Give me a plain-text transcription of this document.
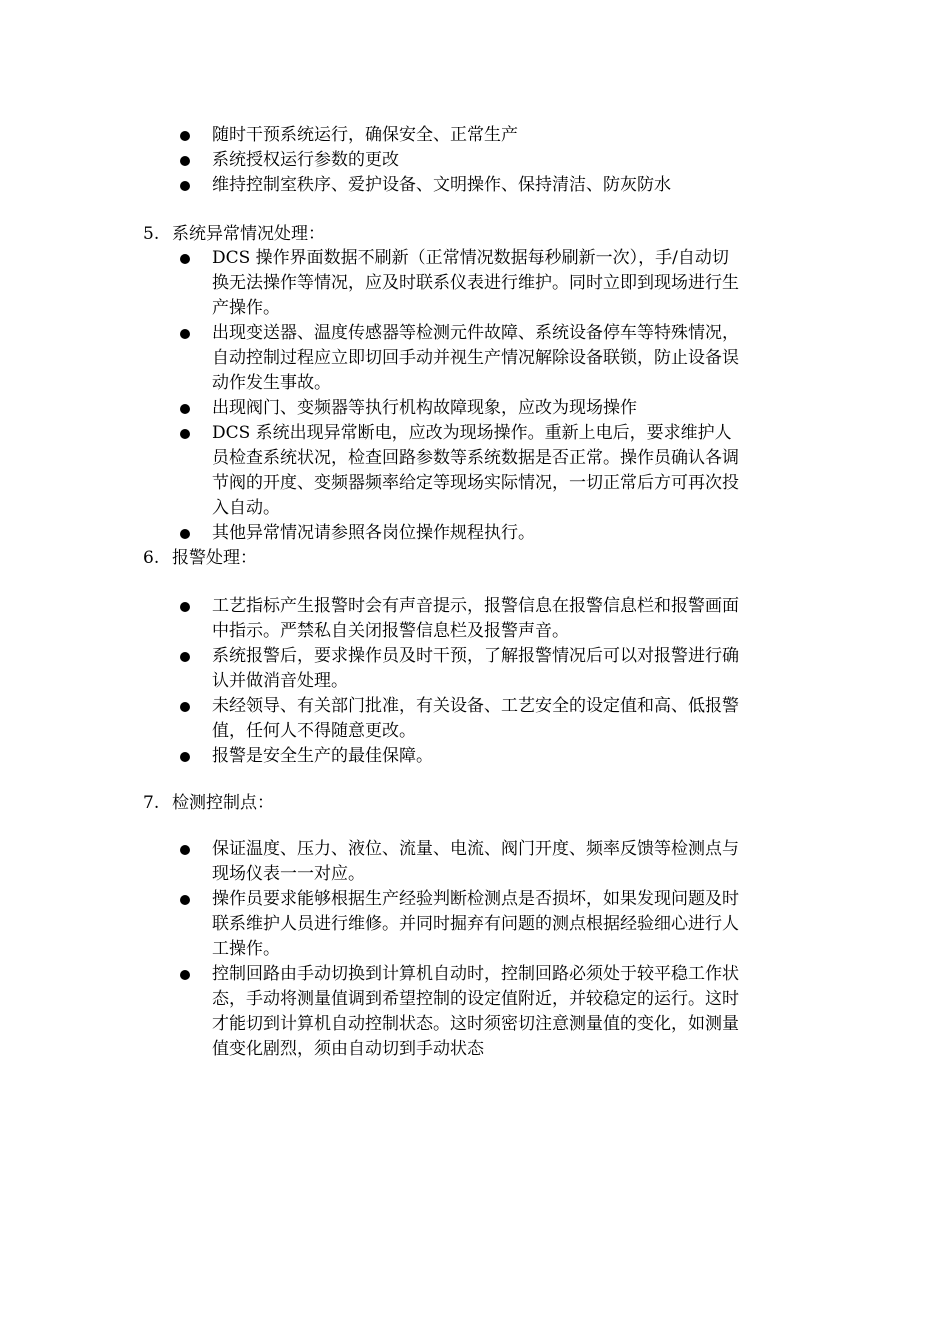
随时干预系统运行，确保安全、正常生产
系统授权运行参数的更改
维持控制室秩序、爱护设备、文明操作、保持清洁、防灰防水
5. 系统异常情况处理：
DCS 操作界面数据不刷新（正常情况数据每秒刷新一次），手/自动切
换无法操作等情况，应及时联系仪表进行维护。同时立即到现场进行生
产操作。
出现变送器、温度传感器等检测元件故障、系统设备停车等特殊情况，
自动控制过程应立即切回手动并视生产情况解除设备联锁，防止设备误
动作发生事故。
出现阀门、变频器等执行机构故障现象，应改为现场操作
DCS 系统出现异常断电，应改为现场操作。重新上电后，要求维护人
员检查系统状况，检查回路参数等系统数据是否正常。操作员确认各调
节阀的开度、变频器频率给定等现场实际情况，一切正常后方可再次投
入自动。
其他异常情况请参照各岗位操作规程执行。
6. 报警处理：
工艺指标产生报警时会有声音提示，报警信息在报警信息栏和报警画面
中指示。严禁私自关闭报警信息栏及报警声音。
系统报警后，要求操作员及时干预，了解报警情况后可以对报警进行确
认并做消音处理。
未经领导、有关部门批准，有关设备、工艺安全的设定值和高、低报警
值，任何人不得随意更改。
报警是安全生产的最佳保障。
7. 检测控制点：
保证温度、压力、液位、流量、电流、阀门开度、频率反馈等检测点与
现场仪表一一对应。
操作员要求能够根据生产经验判断检测点是否损坏，如果发现问题及时
联系维护人员进行维修。并同时掘弃有问题的测点根据经验细心进行人
工操作。
控制回路由手动切换到计算机自动时，控制回路必须处于较平稳工作状
态，手动将测量值调到希望控制的设定值附近，并较稳定的运行。这时
才能切到计算机自动控制状态。这时须密切注意测量值的变化，如测量
值变化剧烈，须由自动切到手动状态
